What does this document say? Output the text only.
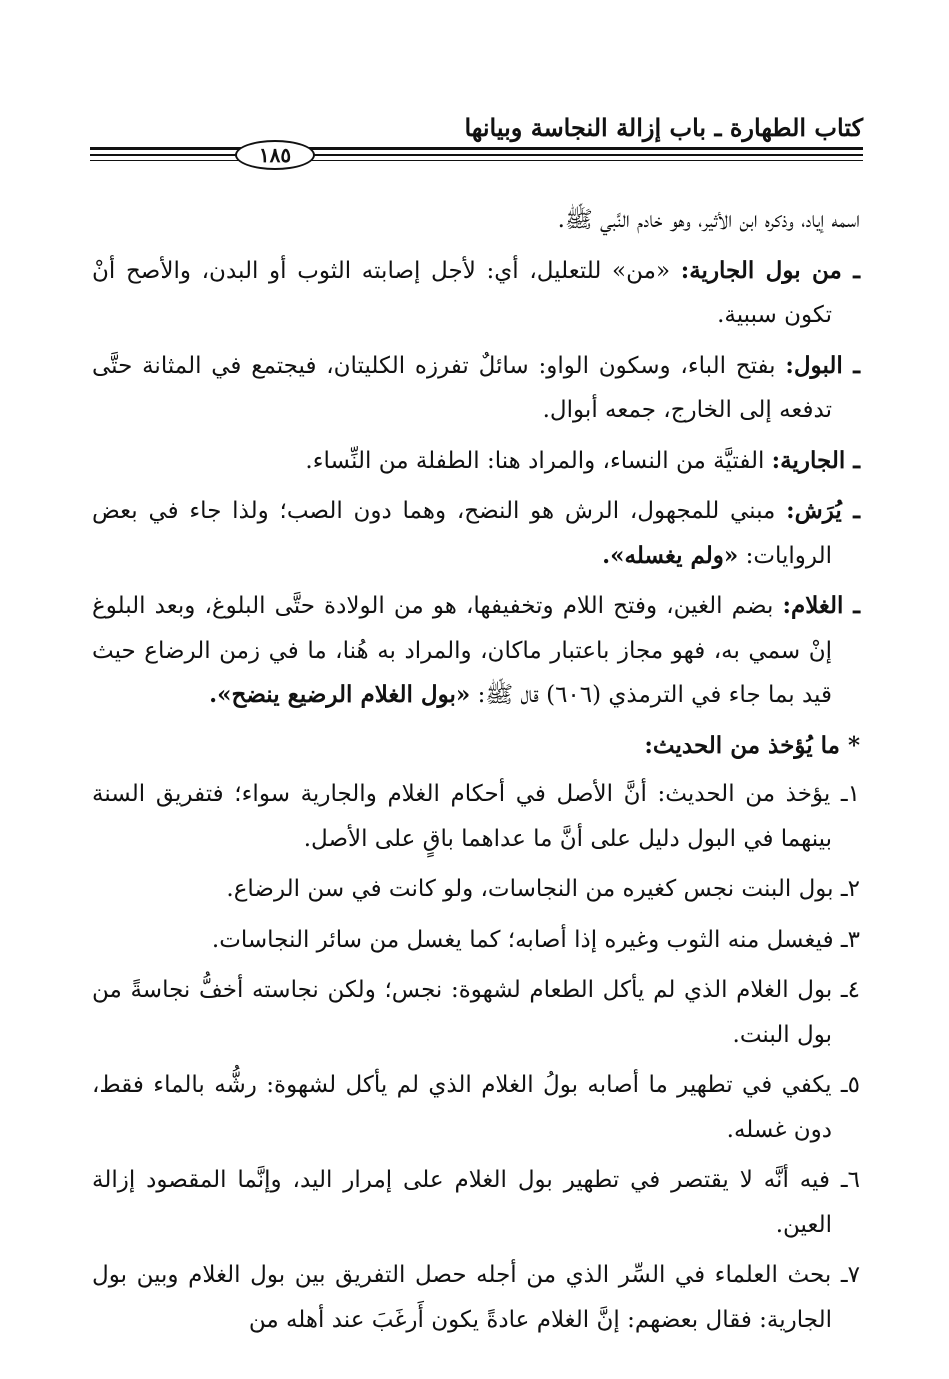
كتاب الطهارة ـ باب إزالة النجاسة وبيانها
١٨٥

اسمه إياد، وذكره ابن الأثير، وهو خادم النَّبي ﷺ.

ـ من بول الجارية: «من» للتعليل، أي: لأجل إصابته الثوب أو البدن، والأصح أنْ تكون سببية.

ـ البول: بفتح الباء، وسكون الواو: سائلٌ تفرزه الكليتان، فيجتمع في المثانة حتَّى تدفعه إلى الخارج، جمعه أبوال.

ـ الجارية: الفتيَّة من النساء، والمراد هنا: الطفلة من النِّساء.

ـ يُرَش: مبني للمجهول، الرش هو النضح، وهما دون الصب؛ ولذا جاء في بعض الروايات: «ولم يغسله».

ـ الغلام: بضم الغين، وفتح اللام وتخفيفها، هو من الولادة حتَّى البلوغ، وبعد البلوغ إنْ سمي به، فهو مجاز باعتبار ماكان، والمراد به هُنا، ما في زمن الرضاع حيث قيد بما جاء في الترمذي (٦٠٦) قال ﷺ: «بول الغلام الرضيع ينضح».

* ما يُؤخذ من الحديث:

١ـ يؤخذ من الحديث: أنَّ الأصل في أحكام الغلام والجارية سواء؛ فتفريق السنة بينهما في البول دليل على أنَّ ما عداهما باقٍ على الأصل.

٢ـ بول البنت نجس كغيره من النجاسات، ولو كانت في سن الرضاع.

٣ـ فيغسل منه الثوب وغيره إذا أصابه؛ كما يغسل من سائر النجاسات.

٤ـ بول الغلام الذي لم يأكل الطعام لشهوة: نجس؛ ولكن نجاسته أخفُّ نجاسةً من بول البنت.

٥ـ يكفي في تطهير ما أصابه بولُ الغلام الذي لم يأكل لشهوة: رشُّه بالماء فقط، دون غسله.

٦ـ فيه أنَّه لا يقتصر في تطهير بول الغلام على إمرار اليد، وإنَّما المقصود إزالة العين.

٧ـ بحث العلماء في السِّر الذي من أجله حصل التفريق بين بول الغلام وبين بول الجارية: فقال بعضهم: إنَّ الغلام عادةً يكون أَرغَبَ عند أهله من
